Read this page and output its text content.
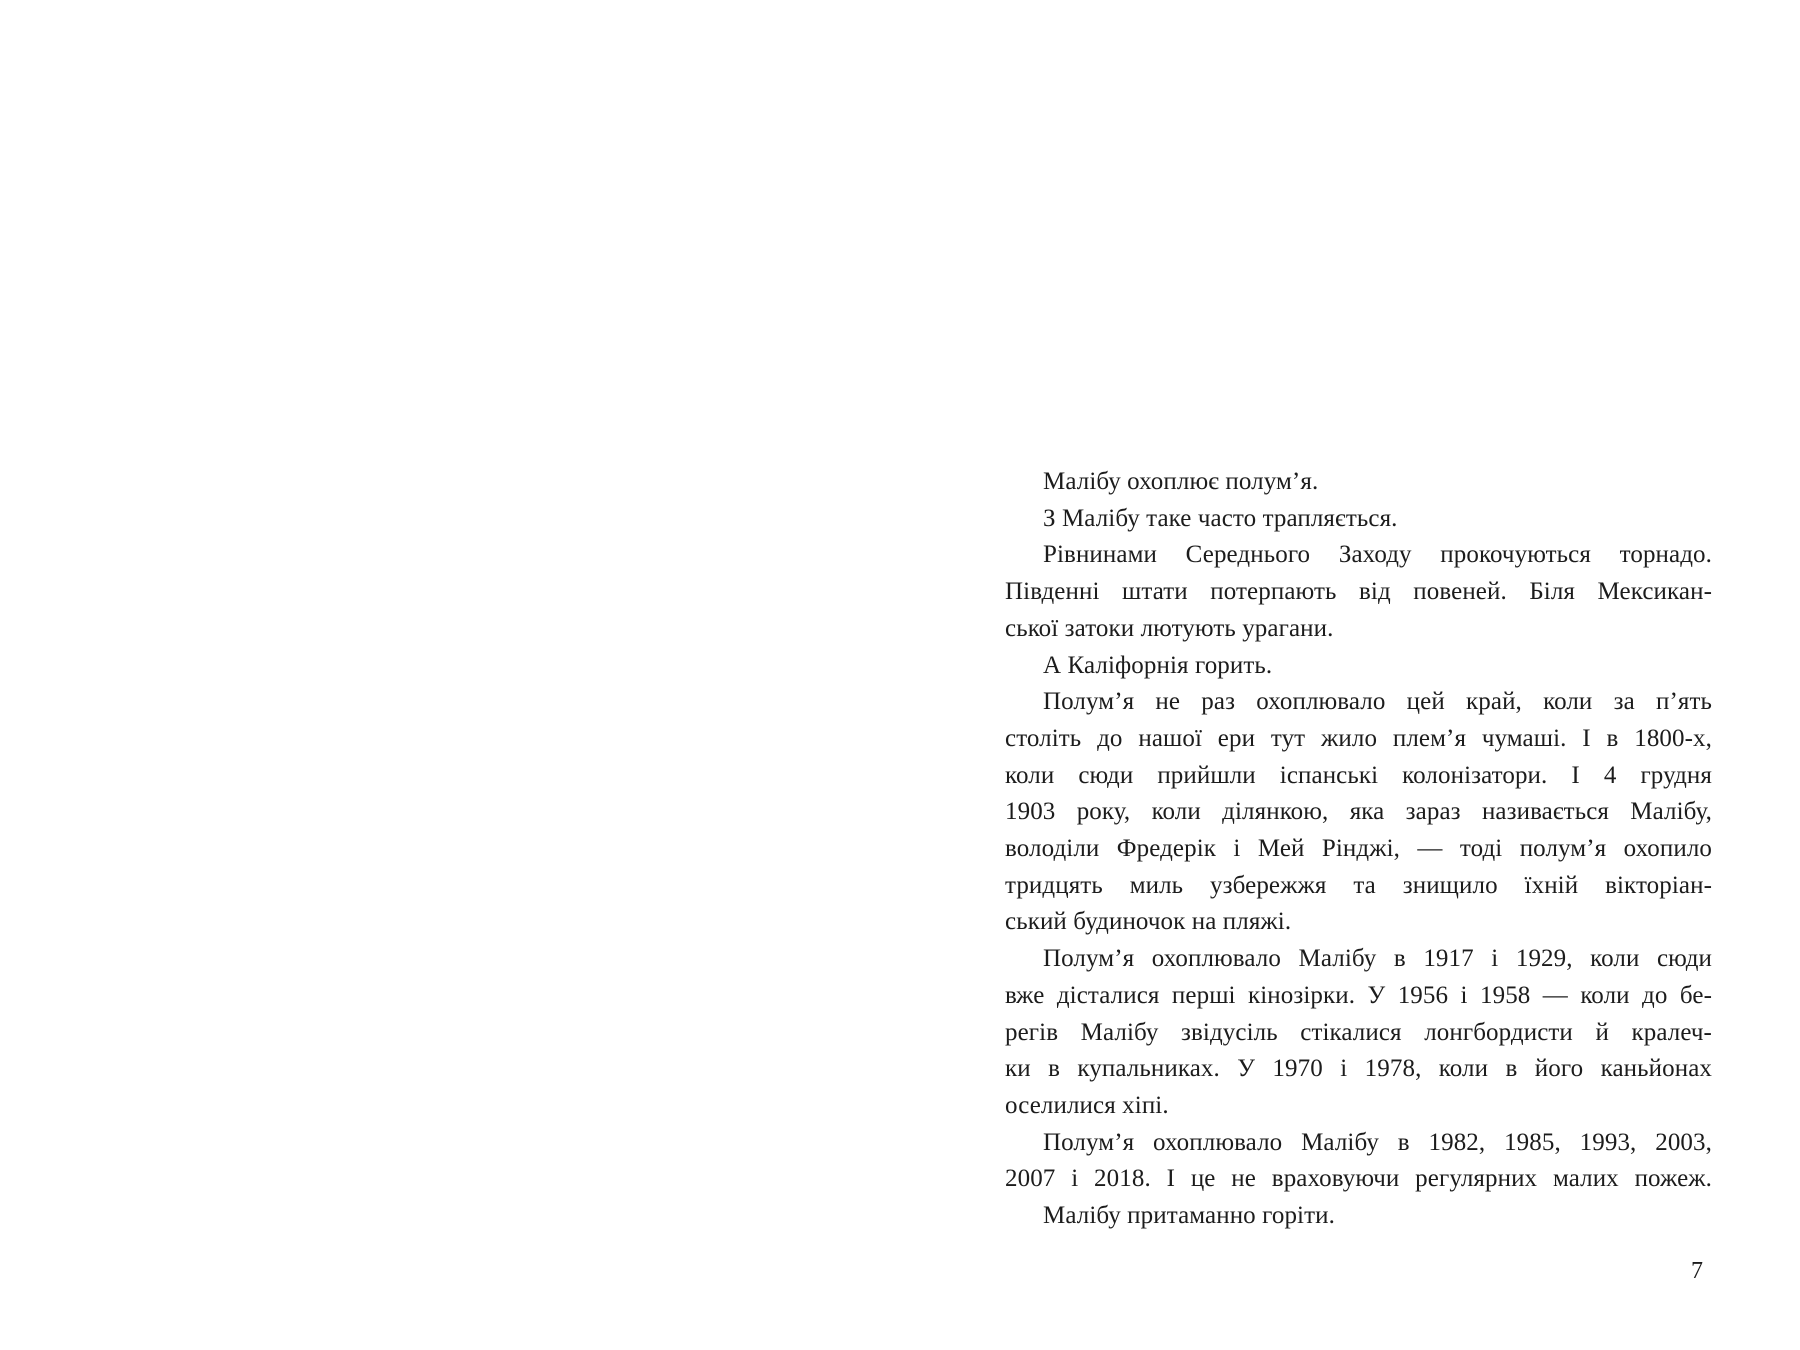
Малібу охоплює полум’я.
З Малібу таке часто трапляється.
Рівнинами Середнього Заходу прокочуються торнадо.
Південні штати потерпають від повеней. Біля Мексикан-
ської затоки лютують урагани.
А Каліфорнія горить.
Полум’я не раз охоплювало цей край, коли за п’ять
століть до нашої ери тут жило плем’я чумаші. І в 1800-х,
коли сюди прийшли іспанські колонізатори. І 4 грудня
1903 року, коли ділянкою, яка зараз називається Малібу,
володіли Фредерік і Мей Рінджі, — тоді полум’я охопило
тридцять миль узбережжя та знищило їхній вікторіан-
ський будиночок на пляжі.
Полум’я охоплювало Малібу в 1917 і 1929, коли сюди
вже дісталися перші кінозірки. У 1956 і 1958 — коли до бе-
регів Малібу звідусіль стікалися лонгбордисти й кралеч-
ки в купальниках. У 1970 і 1978, коли в його каньйонах
оселилися хіпі.
Полум’я охоплювало Малібу в 1982, 1985, 1993, 2003,
2007 і 2018. І це не враховуючи регулярних малих пожеж.
Малібу притаманно горіти.
7
